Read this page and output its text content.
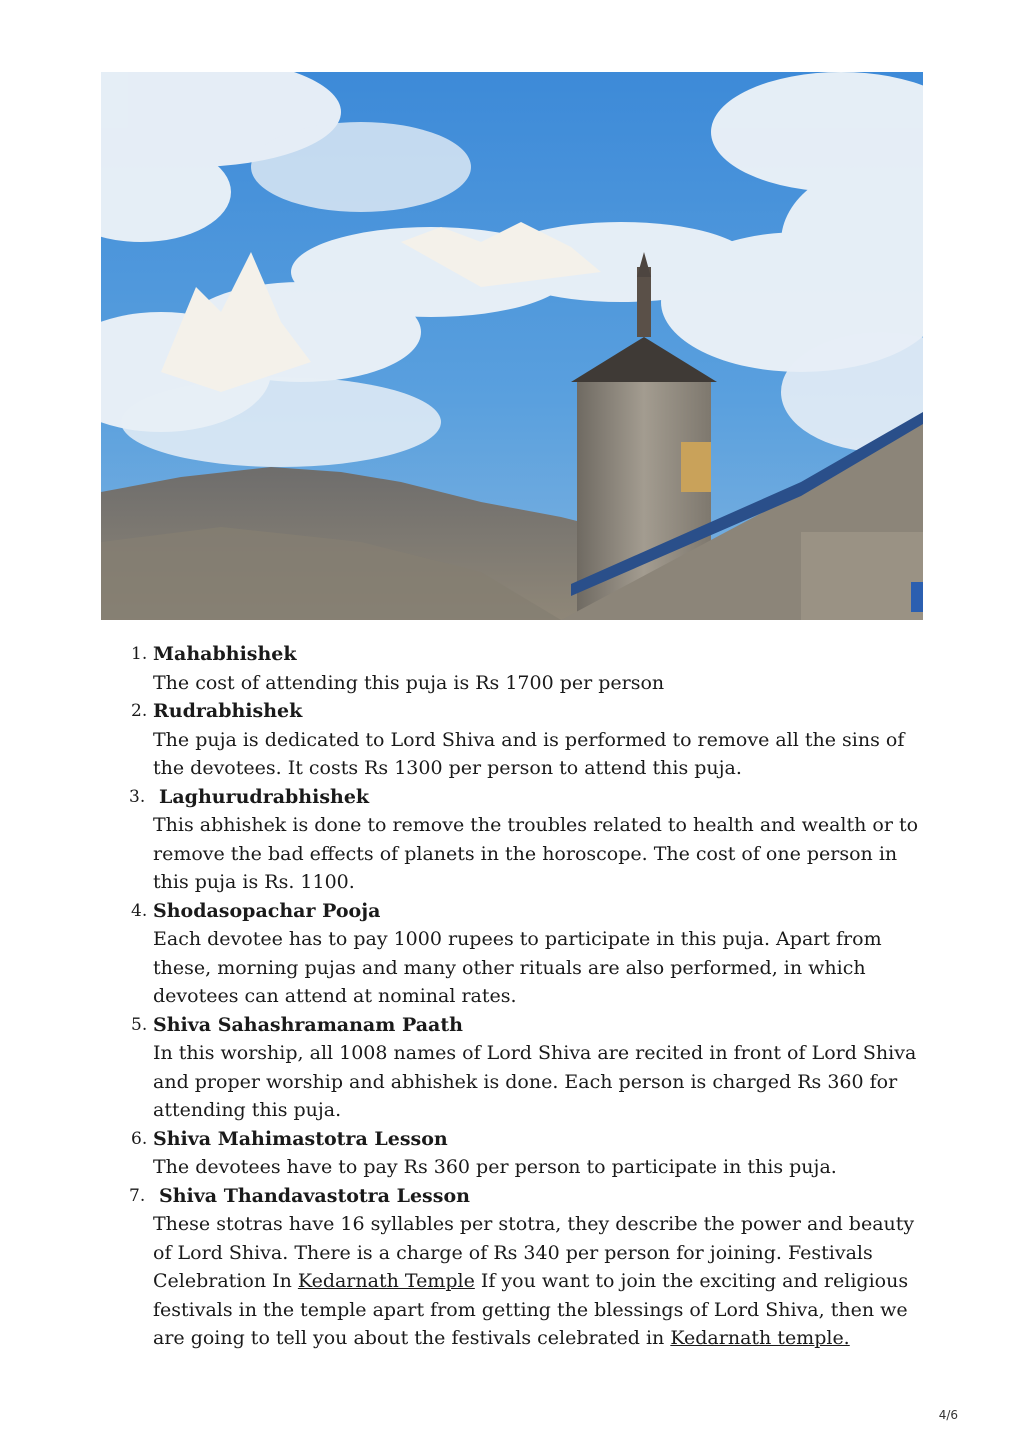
1. Mahabhishek
The cost of attending this puja is Rs 1700 per person
2. Rudrabhishek
The puja is dedicated to Lord Shiva and is performed to remove all the sins of the devotees. It costs Rs 1300 per person to attend this puja.
3. Laghurudrabhishek
This abhishek is done to remove the troubles related to health and wealth or to remove the bad effects of planets in the horoscope. The cost of one person in this puja is Rs. 1100.
4. Shodasopachar Pooja
Each devotee has to pay 1000 rupees to participate in this puja. Apart from these, morning pujas and many other rituals are also performed, in which devotees can attend at nominal rates.
5. Shiva Sahashramanam Paath
In this worship, all 1008 names of Lord Shiva are recited in front of Lord Shiva and proper worship and abhishek is done. Each person is charged Rs 360 for attending this puja.
6. Shiva Mahimastotra Lesson
The devotees have to pay Rs 360 per person to participate in this puja.
7. Shiva Thandavastotra Lesson
These stotras have 16 syllables per stotra, they describe the power and beauty of Lord Shiva. There is a charge of Rs 340 per person for joining. Festivals Celebration In Kedarnath Temple If you want to join the exciting and religious festivals in the temple apart from getting the blessings of Lord Shiva, then we are going to tell you about the festivals celebrated in Kedarnath temple.
4/6
